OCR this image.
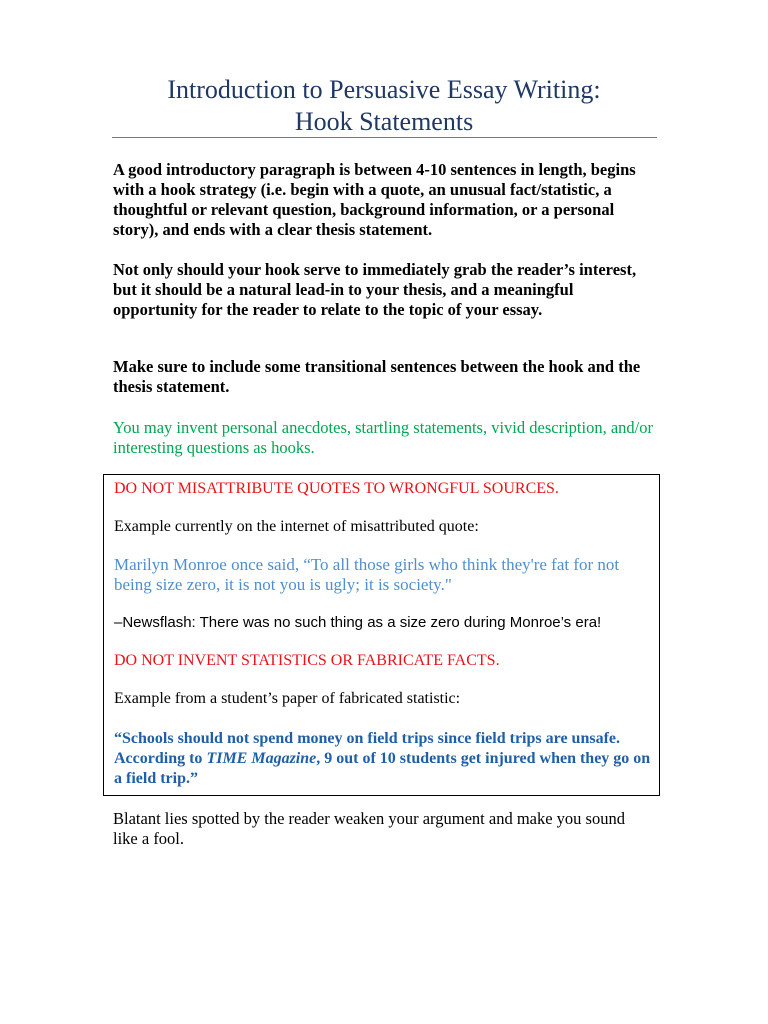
Introduction to Persuasive Essay Writing:
Hook Statements
A good introductory paragraph is between 4-10 sentences in length, begins with a hook strategy (i.e. begin with a quote, an unusual fact/statistic, a thoughtful or relevant question, background information, or a personal story), and ends with a clear thesis statement.
Not only should your hook serve to immediately grab the reader’s interest, but it should be a natural lead-in to your thesis, and a meaningful opportunity for the reader to relate to the topic of your essay.
Make sure to include some transitional sentences between the hook and the thesis statement.
You may invent personal anecdotes, startling statements, vivid description, and/or interesting questions as hooks.
DO NOT MISATTRIBUTE QUOTES TO WRONGFUL SOURCES.
Example currently on the internet of misattributed quote:
Marilyn Monroe once said, “To all those girls who think they're fat for not being size zero, it is not you is ugly; it is society."
–Newsflash: There was no such thing as a size zero during Monroe’s era!
DO NOT INVENT STATISTICS OR FABRICATE FACTS.
Example from a student’s paper of fabricated statistic:
“Schools should not spend money on field trips since field trips are unsafe. According to TIME Magazine, 9 out of 10 students get injured when they go on a field trip.”
Blatant lies spotted by the reader weaken your argument and make you sound like a fool.
